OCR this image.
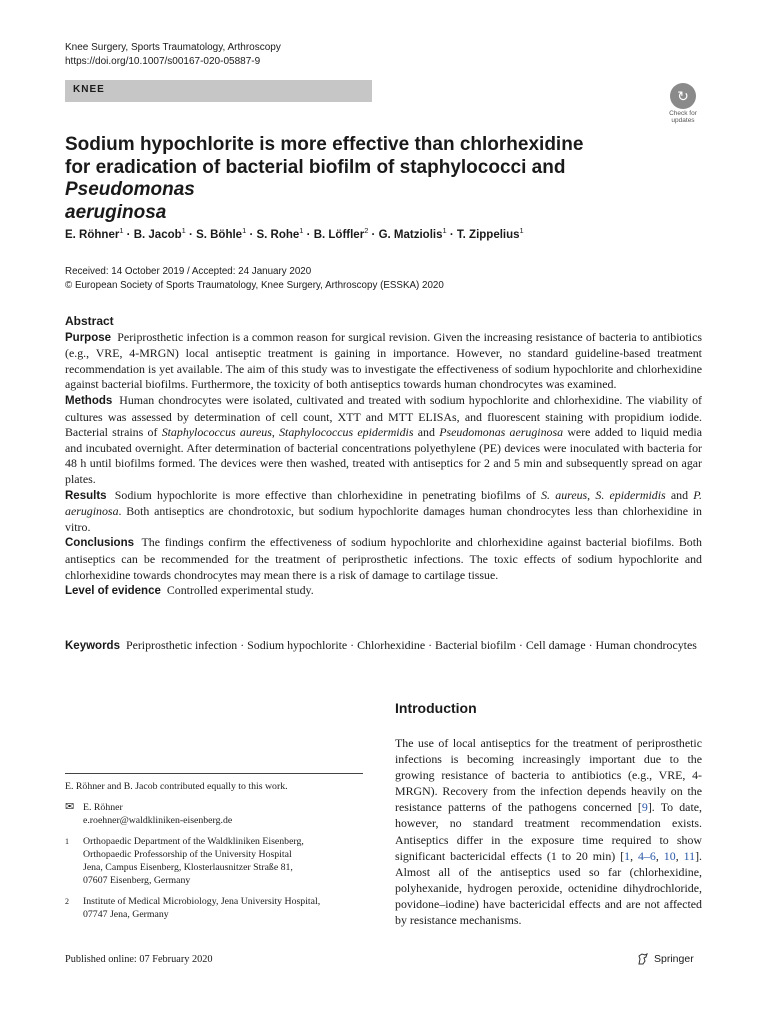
Knee Surgery, Sports Traumatology, Arthroscopy
https://doi.org/10.1007/s00167-020-05887-9
KNEE	↻
Check for
updates
Sodium hypochlorite is more effective than chlorhexidine
for eradication of bacterial biofilm of staphylococci and Pseudomonas
aeruginosa
E. Röhner$^1$ · B. Jacob$^1$ · S. Böhle$^1$ · S. Rohe$^1$ · B. Löffler$^2$ · G. Matziolis$^1$ · T. Zippelius$^1$
Received: 14 October 2019 / Accepted: 24 January 2020
© European Society of Sports Traumatology, Knee Surgery, Arthroscopy (ESSKA) 2020
Abstract

Purpose Periprosthetic infection is a common reason for surgical revision. Given the increasing resistance of bacteria to antibiotics (e.g., VRE, 4-MRGN) local antiseptic treatment is gaining in importance. However, no standard guideline-based treatment recommendation is yet available. The aim of this study was to investigate the effectiveness of sodium hypochlorite and chlorhexidine against bacterial biofilms. Furthermore, the toxicity of both antiseptics towards human chondrocytes was examined.

Methods Human chondrocytes were isolated, cultivated and treated with sodium hypochlorite and chlorhexidine. The viability of cultures was assessed by determination of cell count, XTT and MTT ELISAs, and fluorescent staining with propidium iodide. Bacterial strains of Staphylococcus aureus, Staphylococcus epidermidis and Pseudomonas aeruginosa were added to liquid media and incubated overnight. After determination of bacterial concentrations polyethylene (PE) devices were inoculated with bacteria for 48 h until biofilms formed. The devices were then washed, treated with antiseptics for 2 and 5 min and subsequently spread on agar plates.

Results Sodium hypochlorite is more effective than chlorhexidine in penetrating biofilms of S. aureus, S. epidermidis and P. aeruginosa. Both antiseptics are chondrotoxic, but sodium hypochlorite damages human chondrocytes less than chlorhexidine in vitro.

Conclusions The findings confirm the effectiveness of sodium hypochlorite and chlorhexidine against bacterial biofilms. Both antiseptics can be recommended for the treatment of periprosthetic infections. The toxic effects of sodium hypochlorite and chlorhexidine towards chondrocytes may mean there is a risk of damage to cartilage tissue.

Level of evidence Controlled experimental study.

Keywords Periprosthetic infection · Sodium hypochlorite · Chlorhexidine · Bacterial biofilm · Cell damage · Human chondrocytes
Introduction
The use of local antiseptics for the treatment of periprosthetic infections is becoming increasingly important due to the growing resistance of bacteria to antibiotics (e.g., VRE, 4-MRGN). Recovery from the infection depends heavily on the resistance patterns of the pathogens concerned [9]. To date, however, no standard treatment recommendation exists. Antiseptics differ in the exposure time required to show significant bactericidal effects (1 to 20 min) [1, 4–6, 10, 11]. Almost all of the antiseptics used so far (chlorhexidine, polyhexanide, hydrogen peroxide, octenidine dihydrochloride, povidone–iodine) have bactericidal effects and are not affected by resistance mechanisms.
E. Röhner and B. Jacob contributed equally to this work.
✉ E. Röhner
e.roehner@waldkliniken-eisenberg.de
1	Orthopaedic Department of the Waldkliniken Eisenberg,
Orthopaedic Professorship of the University Hospital
Jena, Campus Eisenberg, Klosterlausnitzer Straße 81,
07607 Eisenberg, Germany
2	Institute of Medical Microbiology, Jena University Hospital,
07747 Jena, Germany
Published online: 07 February 2020	Springer
